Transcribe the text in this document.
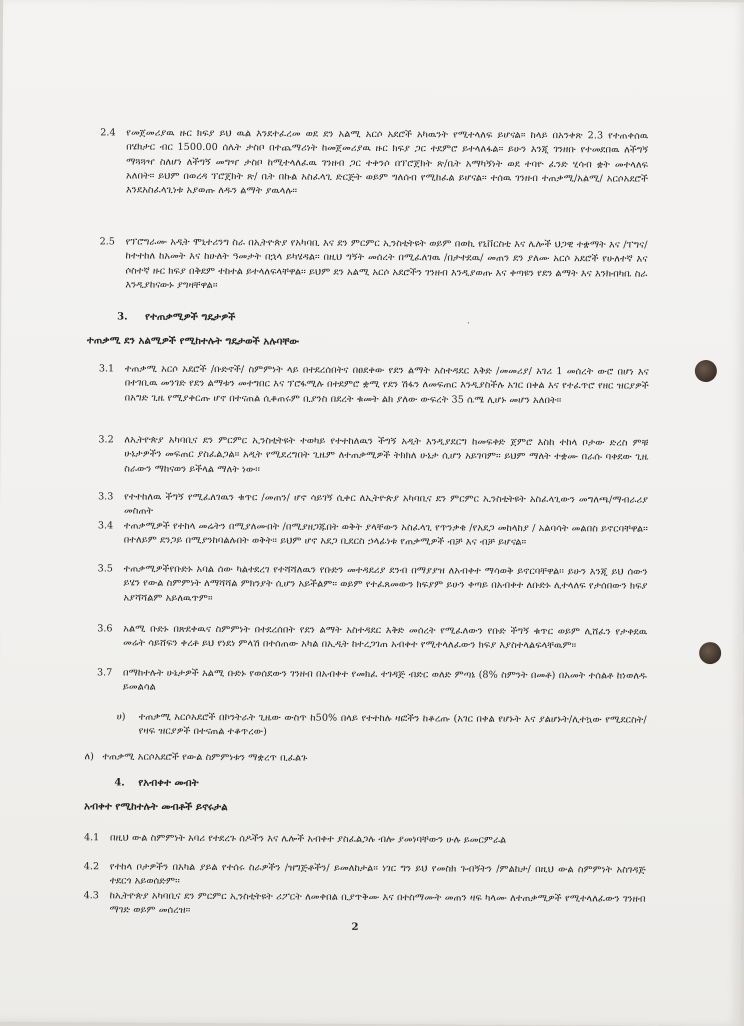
2.4 የመጀመሪያዉ ዙር ክፍያ ይህ ዉል እንደተፈረመ ወደ ደን አልሚ አርሶ አደሮች አካዉንት የሚተላለፍ ይሆናል፡፡ ከላይ በአንቀጽ 2.3 የተጠቀሰዉ በሄክታር ብር 1500.00 ሰሌት ታስቦ በተጨማሪነት ከመጀመሪያዉ ዙር ክፍያ ጋር ተደምሮ ይተላለፋል፡፡ ይሁን እንጂ ገንዘቡ የተመደበዉ ለችግኝ ማጓጓዣ ስለሆነ ለችግኝ መግዣ ታስቦ ከሚተላለፈዉ ገንዘብ ጋር ተቀንሶ በፕሮጀክት ጽ/ቤት አማካኝነት ወደ ተባዮ ፈንድ ሂሳብ ቋት መተላለፍ አለበት፡፡ ይህም በወረዳ ፕሮጀክት ጽ/ ቤት በኩል አስፈላጊ ድርጅት ወይም ግለሰብ የሚከፈል ይሆናል፡፡ ተሰዉ ገንዘብ ተጠቃሚ/አልሚ/ አርሶአደሮች እንደአስፈላጊነቱ አያወጡ ለዱን ልማት ያዉላሉ፡፡
2.5 የፕሮግራሙ አዲት ሞኒተሪንግ ስራ በኢትዮጵያ የአካባቢ እና ደን ምርምር ኢንስቲትዩት ወይም በወኪ የኒቨርስቲ እና ሌሎች ህጋዊ ተቋማት እና /ፐግና/ ከተተከለ ከአመት እና ከሁለት ዓመታት በኋላ ይካሄዳል፡፡ በዚህ ግኝት መሰረት በሚፈለገዉ /በታተደዉ/ መጠን ደን ያለሙ አርሶ አደሮች የሁለተኛ እና ሶስተኛ ዙር ክፍያ በቅደም ተከተል ይተላለፍላቸዋል፡፡ ይህም ደን አልሚ አርሶ አደሮችን ገንዘብ እንዲያወጡ እና ቀጣዩን የደን ልማት እና እንክብካቤ ስራ እንዲያከናውኑ ያግዛቸዋል፡፡
3. የተጠቃሚዎች ግዴታዎች	·
ተጠቃሚ ደን አልሚዎች የሚከተሉት ግዴታወች አሉባቸው
3.1 ተጠቃሚ አርሶ አደሮች /ቡድኖች/ ስምምነት ላይ በተደረሰበትና በፀደቀው የደን ልማት አስተዳደር እቅድ /መመሪያ/ አገሪ 1 መሰረት ውሮ በሆነ እና በተገቢዉ መንገድ የደን ልማቱን መተግበር እና ፕሮፋሚሉ በተደምሮ ቋሚ የደን ሽፋን ለመፍጠር እንዲያስችሉ አገር በቀል እና የተፈጥሮ የዘር ዝርያዎች በአግድ ጊዜ የሚያቀርጡ ሆኖ በተናጠል ሲቆጠሩም ቢያንስ በደረት ቁመት ልክ ያለው ውፍረት 35 ሴሜ ሊሆኑ መሆን አለበት፡፡
3.2 ለኢትዮጵያ አካባቢና ደን ምርምር ኢንስቲትዩት ተወካይ የተተከለዉን ችግኝ አዲት እንዲያደርግ ከመፍቀድ ጀምሮ እስከ ተከላ ቦታው ድረስ ምቹ ሁኔታዎችን መፍጠር ያስፈልጋል፡፡ አዲት የሚደረግበት ጊዜም ለተጠቃሚዎች ትክክለ ሁኔታ ሲሆን አይገባም፡፡ ይህም ማለት ተቋሙ በራሱ ባቀደው ጊዜ ስራውን ማከናወን ይችላል ማለት ነው፡፡
3.3 የተተከለዉ ችግኝ የሚፈለገዉን ቁጥር /መጠን/ ሆኖ ሳይገኝ ሲቀር ለኢትዮጵያ አካባቢና ደን ምርምር ኢንስቲትዩት አስፈላጊውን መግለጫ/ማብራሪያ መስጠት
3.4 ተጠቃሚዎች የተከላ መሬትን በሚያለሙበት /በሚያዘጋጁበት ወቅት ያላቸውን አስፈላጊ የጥንቃቄ /የአደጋ መከላከያ / አልባሳት መልበስ ይኖርባቸዋል፡፡ በተለይም ደንጋይ በሚያንከባልሉበት ወቅት፡፡ ይህም ሆኖ አደጋ ቢደርስ ኃላፊነቱ የጠቃሚዎች ብቻ እና ብቻ ይሆናል፡፡
3.5 ተጠቃሚዎችየቡድኑ አባል ሰው ካልተደረገ የተሻሻለዉን የቡድን መተዳደሪያ ደንብ በማያያዝ ለአብቀተ ማሳወቅ ይኖርባቸዋል፡፡ ይሁን እንጂ ይህ ሰውን ይሄን የውል ስምምነት ለማሻሻል ምክንያት ሲሆን አይችልም፡፡ ወይም የተፈጸመውን ክፍያም ይሁን ቀጣይ በአብቀተ ለቡድኑ ሊተላለፍ የታሰበውን ክፍያ አያሻሻልም አይለዉጥም፡፡
3.6 አልሚ ቡድኑ በጽደቀዉና ስምምነት በተደረሰበት የደን ልማት አስተዳደር እቅድ መሰረት የሚፈለውን የቡድ ችግኝ ቁጥር ወይም ሊሸፈን የታቀደዉ መሬት ሳይሸፍን ቀረቶ ይህ የነደነ ምላሽ በተሰጠው አካል በኢዲት ከተረጋገጠ አብቀተ የሚተላለፈውን ክፍያ እያስተላልፍላቸዉም፡፡
3.7 በማከተሉት ሁኔታዎች አልሚ ቡድኑ የወሰደውን ገንዘብ በአብቀተ የመክፈ ተገዳጅ ብድር ወለድ ምጣኔ (8% ስምንት በመቶ) በአመት ተሰልቶ ከነወለዱ ይመልሳል
ሀ) ተጠቃሚ አርሶአደሮች በኮንትራት ጊዜው ውስጥ ከ50% በላይ የተተከሉ ዛፎችን ከቆረጡ (አገር በቀል የሆኑት እና ያልሆኑት/ሊተኳው የሚደርስት/ የዛፍ ዝርያዎች በተናጠል ተቆጥረው)
ለ) ተጠቃሚ አርሶአደሮች የውል ስምምነቱን ማቋረጥ ቢፈልጉ
4. የአብቀተ መብት
አብቀተ የሚከተሉት መብቶች ይኖሩታል
4.1 በዚህ ውል ስምምነት አባሪ የተደረጉ ሰዶችን እና ሌሎች አብቀተ ያስፈልጋሉ ብሎ ያመነባቸውን ሁሉ ይመርምራል
4.2 የተከላ ቦታዎችን በአካል ያይል የተሰሩ ስራዎችን /ዝግጅቶችን/ ይመለከታል፡፡ ነገር ግን ይህ የመስክ ጉብኝትን /ምልከታ/ በዚህ ውል ስምምነት አስገዳጅ ተደርጎ አይወሰድም፡፡
4.3 ከኢትዮጵያ አካባቢና ደን ምርምር ኢንስቲትዩት ሪፖርት ለመቀበል ቢያጥቅሙ እና በተስማሙት መጠን ዛፍ ካላሙ ለተጠቃሚዎች የሚተላለፈውን ገንዘብ ማገድ ወይም መሰረዝ፡፡
2
